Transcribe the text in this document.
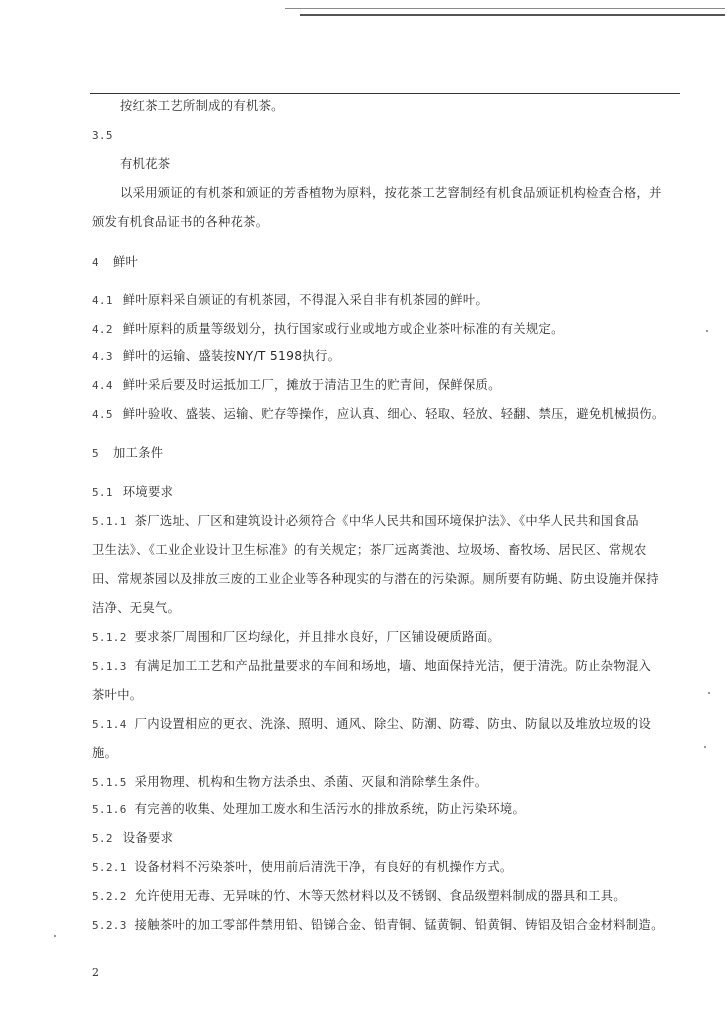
按红茶工艺所制成的有机茶。
3.5
有机花茶
以采用颁证的有机茶和颁证的芳香植物为原料，按花茶工艺窨制经有机食品颁证机构检查合格，并
颁发有机食品证书的各种花茶。
4 鲜叶
4.1 鲜叶原料采自颁证的有机茶园，不得混入采自非有机茶园的鲜叶。
4.2 鲜叶原料的质量等级划分，执行国家或行业或地方或企业茶叶标准的有关规定。
4.3 鲜叶的运输、盛装按NY/T 5198执行。
4.4 鲜叶采后要及时运抵加工厂，摊放于清洁卫生的贮青间，保鲜保质。
4.5 鲜叶验收、盛装、运输、贮存等操作，应认真、细心、轻取、轻放、轻翻、禁压，避免机械损伤。
5 加工条件
5.1 环境要求
5.1.1 茶厂选址、厂区和建筑设计必须符合《中华人民共和国环境保护法》、《中华人民共和国食品
卫生法》、《工业企业设计卫生标准》的有关规定；茶厂远离粪池、垃圾场、畜牧场、居民区、常规农
田、常规茶园以及排放三废的工业企业等各种现实的与潜在的污染源。厕所要有防蝇、防虫设施并保持
洁净、无臭气。
5.1.2 要求茶厂周围和厂区均绿化，并且排水良好，厂区铺设硬质路面。
5.1.3 有满足加工工艺和产品批量要求的车间和场地，墙、地面保持光洁，便于清洗。防止杂物混入
茶叶中。
5.1.4 厂内设置相应的更衣、洗涤、照明、通风、除尘、防潮、防霉、防虫、防鼠以及堆放垃圾的设
施。
5.1.5 采用物理、机构和生物方法杀虫、杀菌、灭鼠和消除孳生条件。
5.1.6 有完善的收集、处理加工废水和生活污水的排放系统，防止污染环境。
5.2 设备要求
5.2.1 设备材料不污染茶叶，使用前后清洗干净，有良好的有机操作方式。
5.2.2 允许使用无毒、无异味的竹、木等天然材料以及不锈钢、食品级塑料制成的器具和工具。
5.2.3 接触茶叶的加工零部件禁用铅、铅锑合金、铅青铜、锰黄铜、铅黄铜、铸铝及铝合金材料制造。
2
